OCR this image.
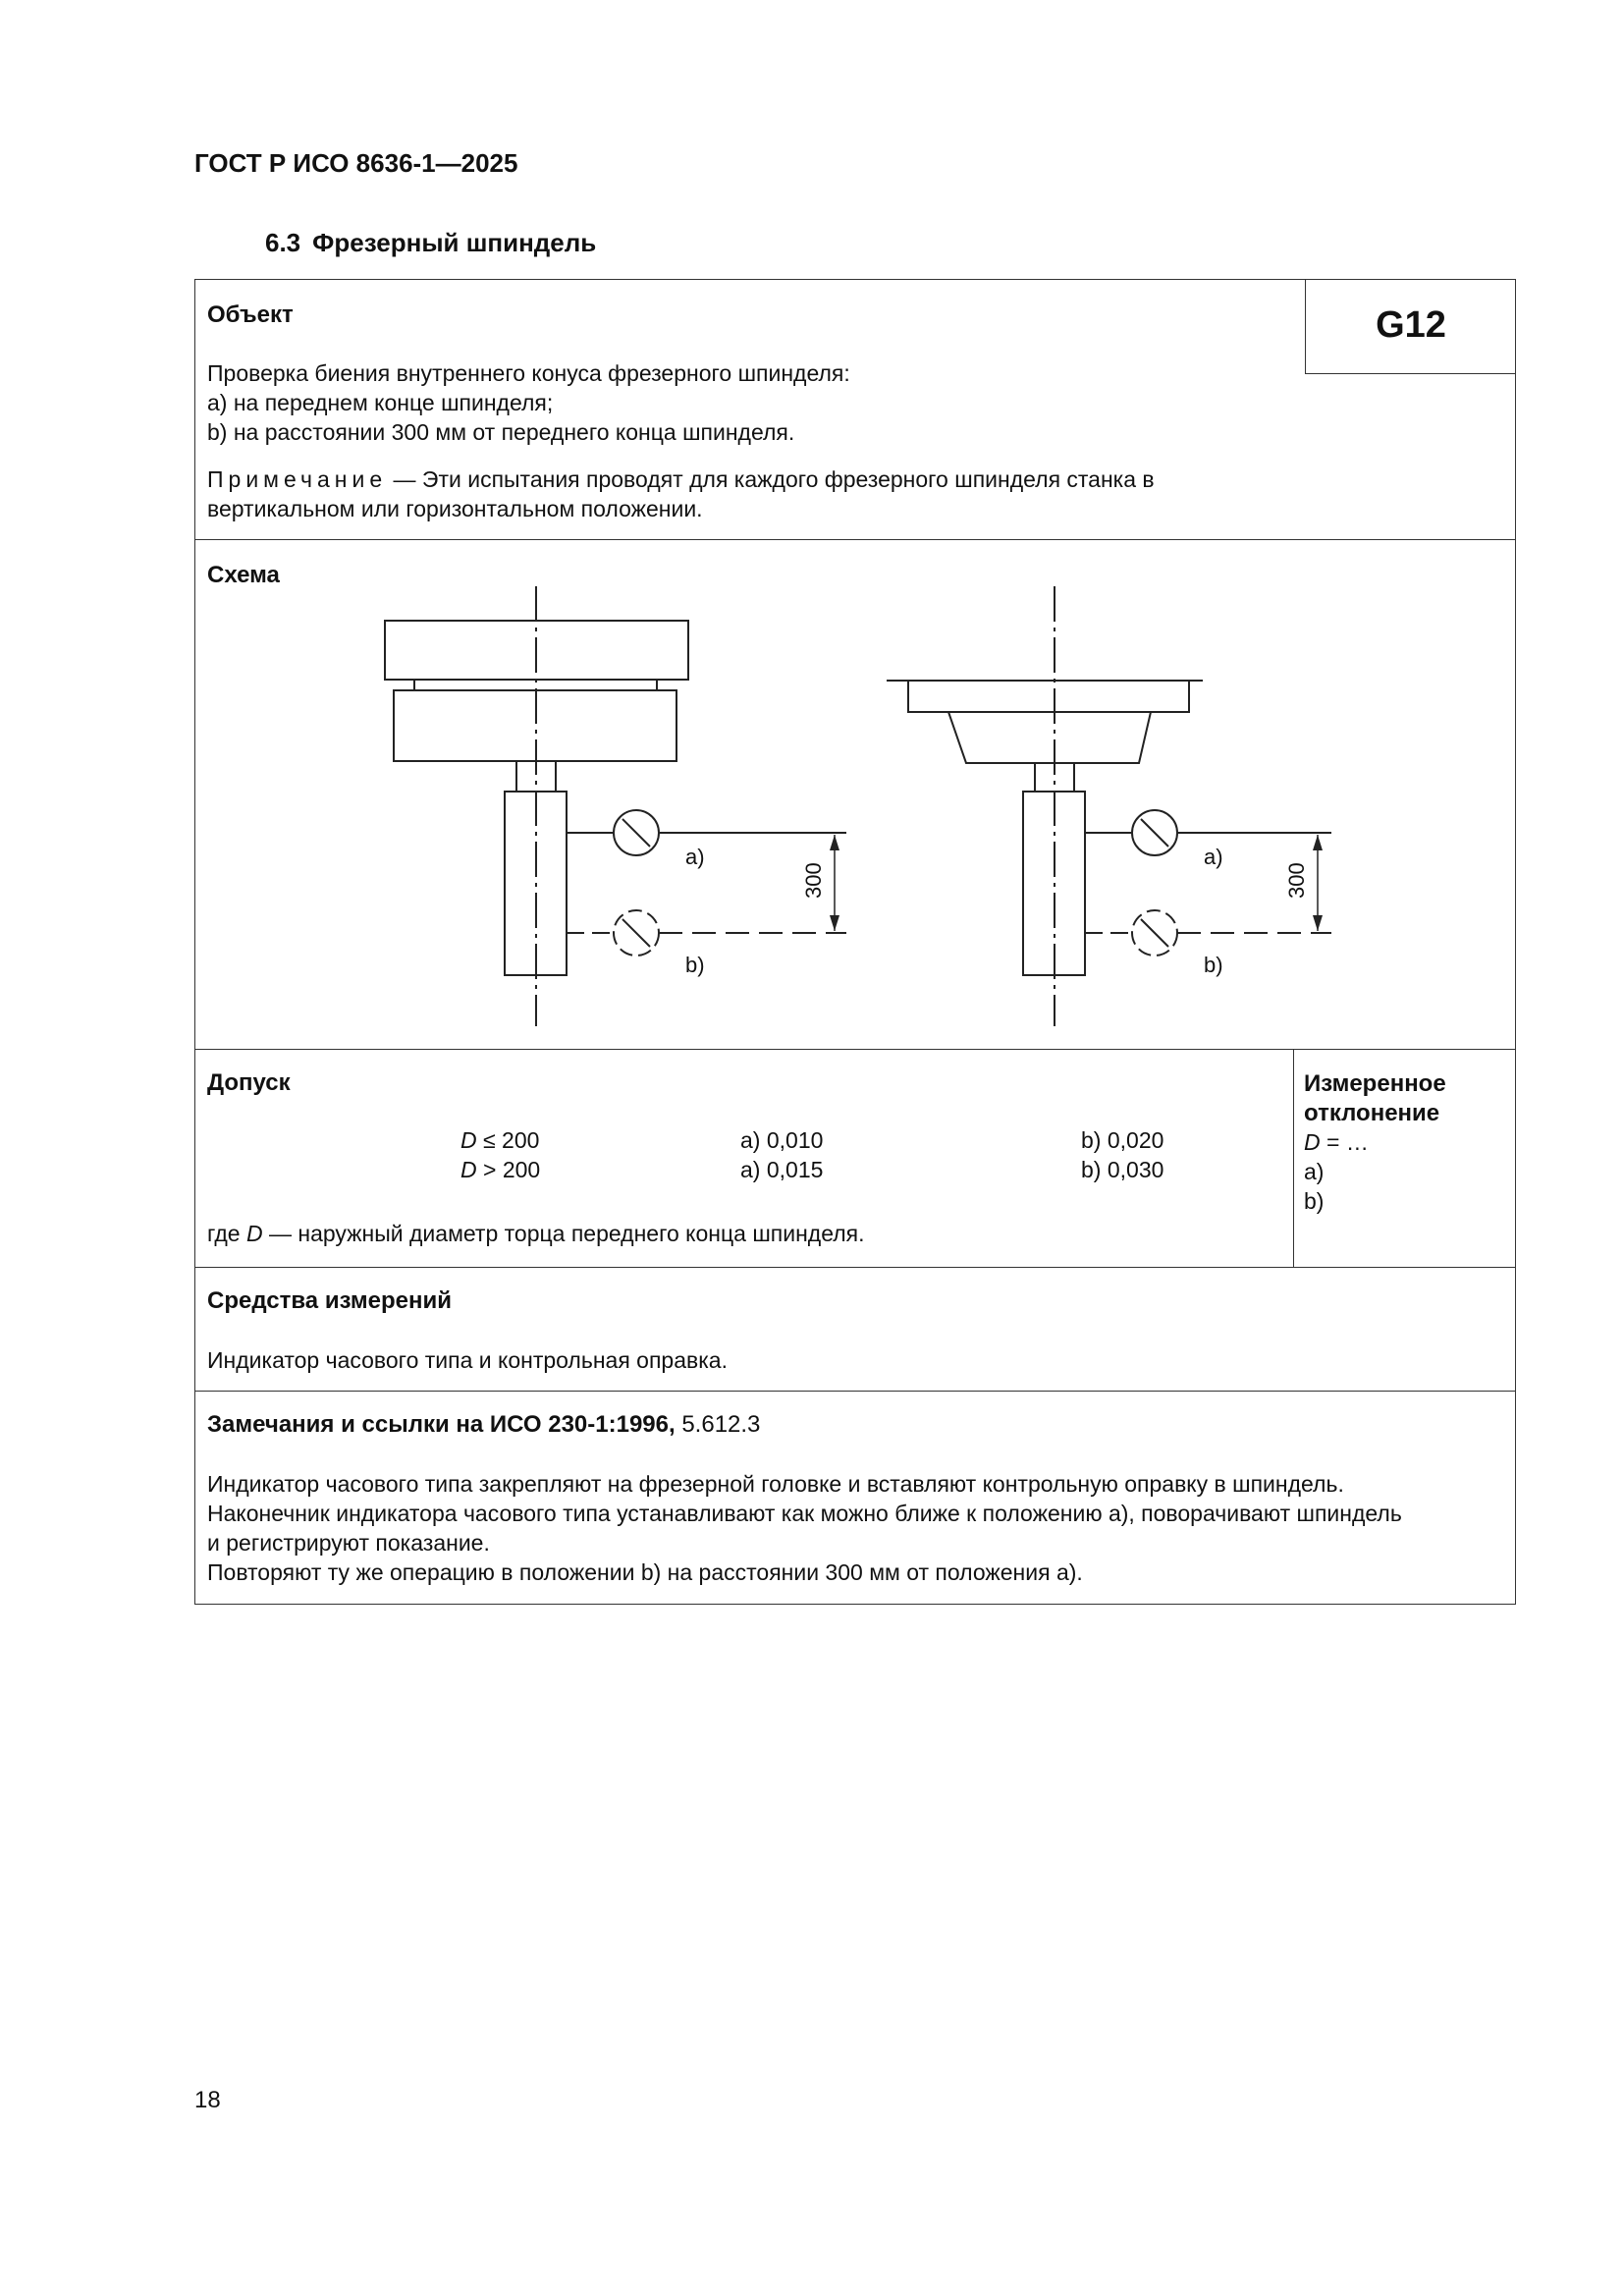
ГОСТ Р ИСО 8636-1—2025
6.3 Фрезерный шпиндель
Объект
Проверка биения внутреннего конуса фрезерного шпинделя:
a) на переднем конце шпинделя;
b) на расстоянии 300 мм от переднего конца шпинделя.
Примечание — Эти испытания проводят для каждого фрезерного шпинделя станка в
вертикальном или горизонтальном положении.
G12
Схема
a)
b)
a)
b)
300	300
Допуск
D ≤ 200	a) 0,010	b) 0,020
D > 200	a) 0,015	b) 0,030
где D — наружный диаметр торца переднего конца шпинделя.
Измеренное
отклонение
D = …
a)
b)
Средства измерений
Индикатор часового типа и контрольная оправка.
Замечания и ссылки на ИСО 230-1:1996, 5.612.3
Индикатор часового типа закрепляют на фрезерной головке и вставляют контрольную оправку в шпиндель.
Наконечник индикатора часового типа устанавливают как можно ближе к положению a), поворачивают шпиндель
и регистрируют показание.
Повторяют ту же операцию в положении b) на расстоянии 300 мм от положения a).
18
